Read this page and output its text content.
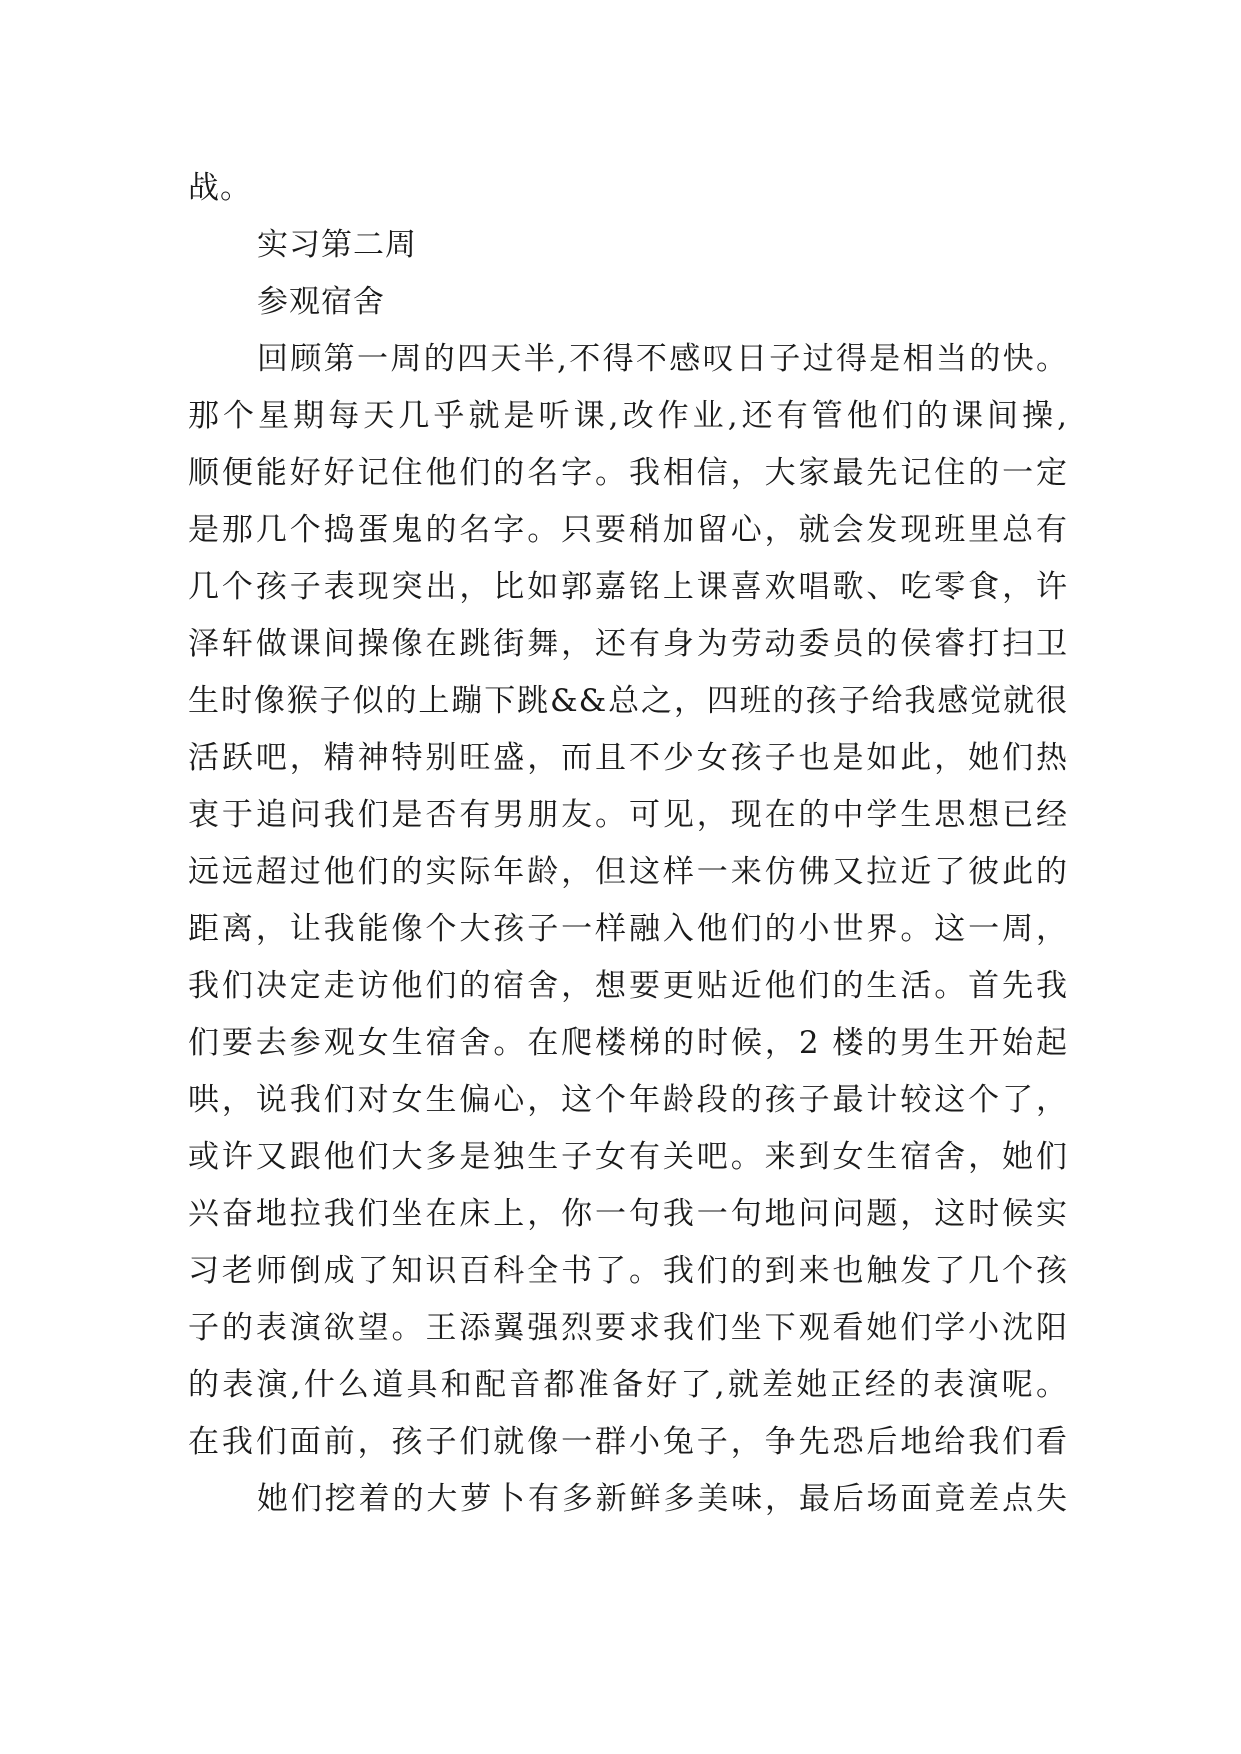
战。
实习第二周
参观宿舍
回顾第一周的四天半,不得不感叹日子过得是相当的快。
那个星期每天几乎就是听课,改作业,还有管他们的课间操,
顺便能好好记住他们的名字。我相信，大家最先记住的一定
是那几个捣蛋鬼的名字。只要稍加留心，就会发现班里总有
几个孩子表现突出，比如郭嘉铭上课喜欢唱歌、吃零食，许
泽轩做课间操像在跳街舞，还有身为劳动委员的侯睿打扫卫
生时像猴子似的上蹦下跳&&总之，四班的孩子给我感觉就很
活跃吧，精神特别旺盛，而且不少女孩子也是如此，她们热
衷于追问我们是否有男朋友。可见，现在的中学生思想已经
远远超过他们的实际年龄，但这样一来仿佛又拉近了彼此的
距离，让我能像个大孩子一样融入他们的小世界。这一周，
我们决定走访他们的宿舍，想要更贴近他们的生活。首先我
们要去参观女生宿舍。在爬楼梯的时候，2 楼的男生开始起
哄，说我们对女生偏心，这个年龄段的孩子最计较这个了，
或许又跟他们大多是独生子女有关吧。来到女生宿舍，她们
兴奋地拉我们坐在床上，你一句我一句地问问题，这时候实
习老师倒成了知识百科全书了。我们的到来也触发了几个孩
子的表演欲望。王添翼强烈要求我们坐下观看她们学小沈阳
的表演,什么道具和配音都准备好了,就差她正经的表演呢。
在我们面前，孩子们就像一群小兔子，争先恐后地给我们看
她们挖着的大萝卜有多新鲜多美味，最后场面竟差点失
